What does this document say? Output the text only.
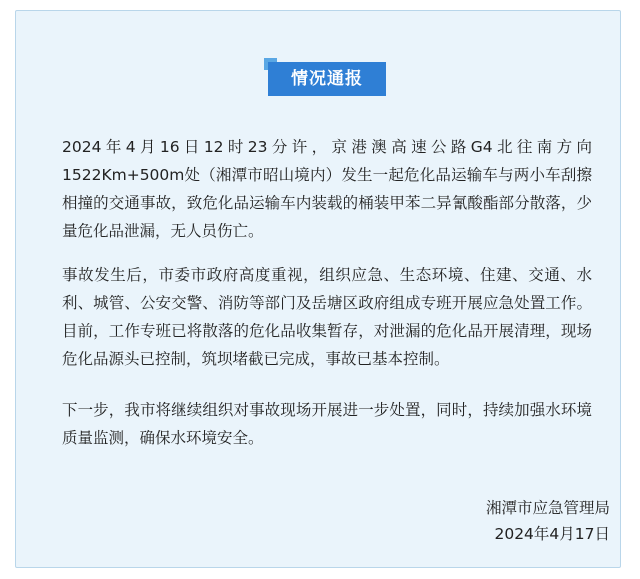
情况通报

2024年4月16日12时23分许，京港澳高速公路G4北往南方向1522Km+500m处（湘潭市昭山境内）发生一起危化品运输车与两小车刮擦相撞的交通事故，致危化品运输车内装载的桶装甲苯二异氰酸酯部分散落，少量危化品泄漏，无人员伤亡。

事故发生后，市委市政府高度重视，组织应急、生态环境、住建、交通、水利、城管、公安交警、消防等部门及岳塘区政府组成专班开展应急处置工作。目前，工作专班已将散落的危化品收集暂存，对泄漏的危化品开展清理，现场危化品源头已控制，筑坝堵截已完成，事故已基本控制。

下一步，我市将继续组织对事故现场开展进一步处置，同时，持续加强水环境质量监测，确保水环境安全。

湘潭市应急管理局
2024年4月17日
